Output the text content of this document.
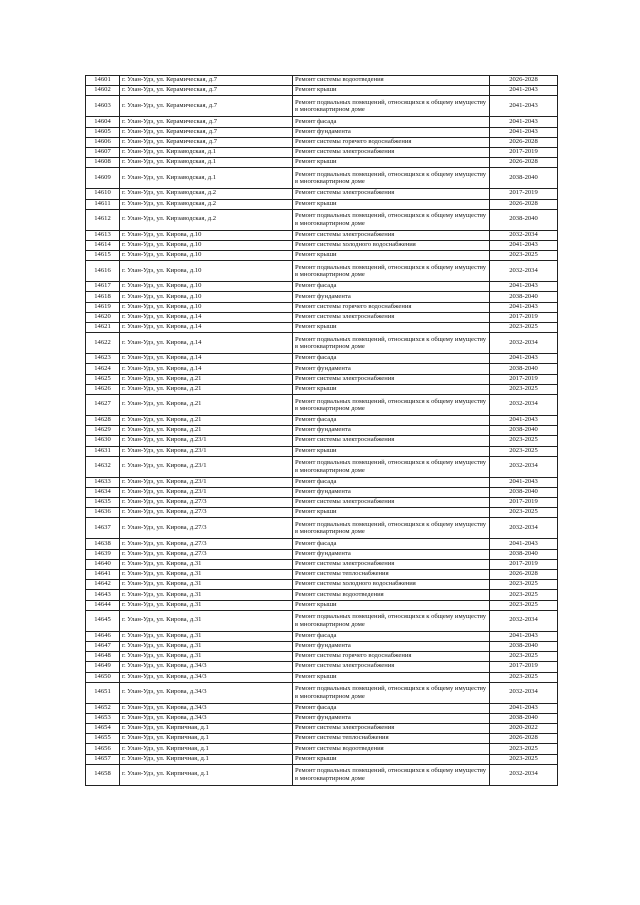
14601	г. Улан-Удэ, ул. Керамическая, д.7	Ремонт системы водоотведения	2026-2028
14602	г. Улан-Удэ, ул. Керамическая, д.7	Ремонт крыши	2041-2043
14603	г. Улан-Удэ, ул. Керамическая, д.7	Ремонт подвальных помещений, относящихся к общему имуществу в многоквартирном доме	2041-2043
14604	г. Улан-Удэ, ул. Керамическая, д.7	Ремонт фасада	2041-2043
14605	г. Улан-Удэ, ул. Керамическая, д.7	Ремонт фундамента	2041-2043
14606	г. Улан-Удэ, ул. Керамическая, д.7	Ремонт системы горячего водоснабжения	2026-2028
14607	г. Улан-Удэ, ул. Кирзаводская, д.1	Ремонт системы электроснабжения	2017-2019
14608	г. Улан-Удэ, ул. Кирзаводская, д.1	Ремонт крыши	2026-2028
14609	г. Улан-Удэ, ул. Кирзаводская, д.1	Ремонт подвальных помещений, относящихся к общему имуществу в многоквартирном доме	2038-2040
14610	г. Улан-Удэ, ул. Кирзаводская, д.2	Ремонт системы электроснабжения	2017-2019
14611	г. Улан-Удэ, ул. Кирзаводская, д.2	Ремонт крыши	2026-2028
14612	г. Улан-Удэ, ул. Кирзаводская, д.2	Ремонт подвальных помещений, относящихся к общему имуществу в многоквартирном доме	2038-2040
14613	г. Улан-Удэ, ул. Кирова, д.10	Ремонт системы электроснабжения	2032-2034
14614	г. Улан-Удэ, ул. Кирова, д.10	Ремонт системы холодного водоснабжения	2041-2043
14615	г. Улан-Удэ, ул. Кирова, д.10	Ремонт крыши	2023-2025
14616	г. Улан-Удэ, ул. Кирова, д.10	Ремонт подвальных помещений, относящихся к общему имуществу в многоквартирном доме	2032-2034
14617	г. Улан-Удэ, ул. Кирова, д.10	Ремонт фасада	2041-2043
14618	г. Улан-Удэ, ул. Кирова, д.10	Ремонт фундамента	2038-2040
14619	г. Улан-Удэ, ул. Кирова, д.10	Ремонт системы горячего водоснабжения	2041-2043
14620	г. Улан-Удэ, ул. Кирова, д.14	Ремонт системы электроснабжения	2017-2019
14621	г. Улан-Удэ, ул. Кирова, д.14	Ремонт крыши	2023-2025
14622	г. Улан-Удэ, ул. Кирова, д.14	Ремонт подвальных помещений, относящихся к общему имуществу в многоквартирном доме	2032-2034
14623	г. Улан-Удэ, ул. Кирова, д.14	Ремонт фасада	2041-2043
14624	г. Улан-Удэ, ул. Кирова, д.14	Ремонт фундамента	2038-2040
14625	г. Улан-Удэ, ул. Кирова, д.21	Ремонт системы электроснабжения	2017-2019
14626	г. Улан-Удэ, ул. Кирова, д.21	Ремонт крыши	2023-2025
14627	г. Улан-Удэ, ул. Кирова, д.21	Ремонт подвальных помещений, относящихся к общему имуществу в многоквартирном доме	2032-2034
14628	г. Улан-Удэ, ул. Кирова, д.21	Ремонт фасада	2041-2043
14629	г. Улан-Удэ, ул. Кирова, д.21	Ремонт фундамента	2038-2040
14630	г. Улан-Удэ, ул. Кирова, д.23/1	Ремонт системы электроснабжения	2023-2025
14631	г. Улан-Удэ, ул. Кирова, д.23/1	Ремонт крыши	2023-2025
14632	г. Улан-Удэ, ул. Кирова, д.23/1	Ремонт подвальных помещений, относящихся к общему имуществу в многоквартирном доме	2032-2034
14633	г. Улан-Удэ, ул. Кирова, д.23/1	Ремонт фасада	2041-2043
14634	г. Улан-Удэ, ул. Кирова, д.23/1	Ремонт фундамента	2038-2040
14635	г. Улан-Удэ, ул. Кирова, д.27/3	Ремонт системы электроснабжения	2017-2019
14636	г. Улан-Удэ, ул. Кирова, д.27/3	Ремонт крыши	2023-2025
14637	г. Улан-Удэ, ул. Кирова, д.27/3	Ремонт подвальных помещений, относящихся к общему имуществу в многоквартирном доме	2032-2034
14638	г. Улан-Удэ, ул. Кирова, д.27/3	Ремонт фасада	2041-2043
14639	г. Улан-Удэ, ул. Кирова, д.27/3	Ремонт фундамента	2038-2040
14640	г. Улан-Удэ, ул. Кирова, д.31	Ремонт системы электроснабжения	2017-2019
14641	г. Улан-Удэ, ул. Кирова, д.31	Ремонт системы теплоснабжения	2026-2028
14642	г. Улан-Удэ, ул. Кирова, д.31	Ремонт системы холодного водоснабжения	2023-2025
14643	г. Улан-Удэ, ул. Кирова, д.31	Ремонт системы водоотведения	2023-2025
14644	г. Улан-Удэ, ул. Кирова, д.31	Ремонт крыши	2023-2025
14645	г. Улан-Удэ, ул. Кирова, д.31	Ремонт подвальных помещений, относящихся к общему имуществу в многоквартирном доме	2032-2034
14646	г. Улан-Удэ, ул. Кирова, д.31	Ремонт фасада	2041-2043
14647	г. Улан-Удэ, ул. Кирова, д.31	Ремонт фундамента	2038-2040
14648	г. Улан-Удэ, ул. Кирова, д.31	Ремонт системы горячего водоснабжения	2023-2025
14649	г. Улан-Удэ, ул. Кирова, д.34/3	Ремонт системы электроснабжения	2017-2019
14650	г. Улан-Удэ, ул. Кирова, д.34/3	Ремонт крыши	2023-2025
14651	г. Улан-Удэ, ул. Кирова, д.34/3	Ремонт подвальных помещений, относящихся к общему имуществу в многоквартирном доме	2032-2034
14652	г. Улан-Удэ, ул. Кирова, д.34/3	Ремонт фасада	2041-2043
14653	г. Улан-Удэ, ул. Кирова, д.34/3	Ремонт фундамента	2038-2040
14654	г. Улан-Удэ, ул. Кирпичная, д.1	Ремонт системы электроснабжения	2020-2022
14655	г. Улан-Удэ, ул. Кирпичная, д.1	Ремонт системы теплоснабжения	2026-2028
14656	г. Улан-Удэ, ул. Кирпичная, д.1	Ремонт системы водоотведения	2023-2025
14657	г. Улан-Удэ, ул. Кирпичная, д.1	Ремонт крыши	2023-2025
14658	г. Улан-Удэ, ул. Кирпичная, д.1	Ремонт подвальных помещений, относящихся к общему имуществу в многоквартирном доме	2032-2034
